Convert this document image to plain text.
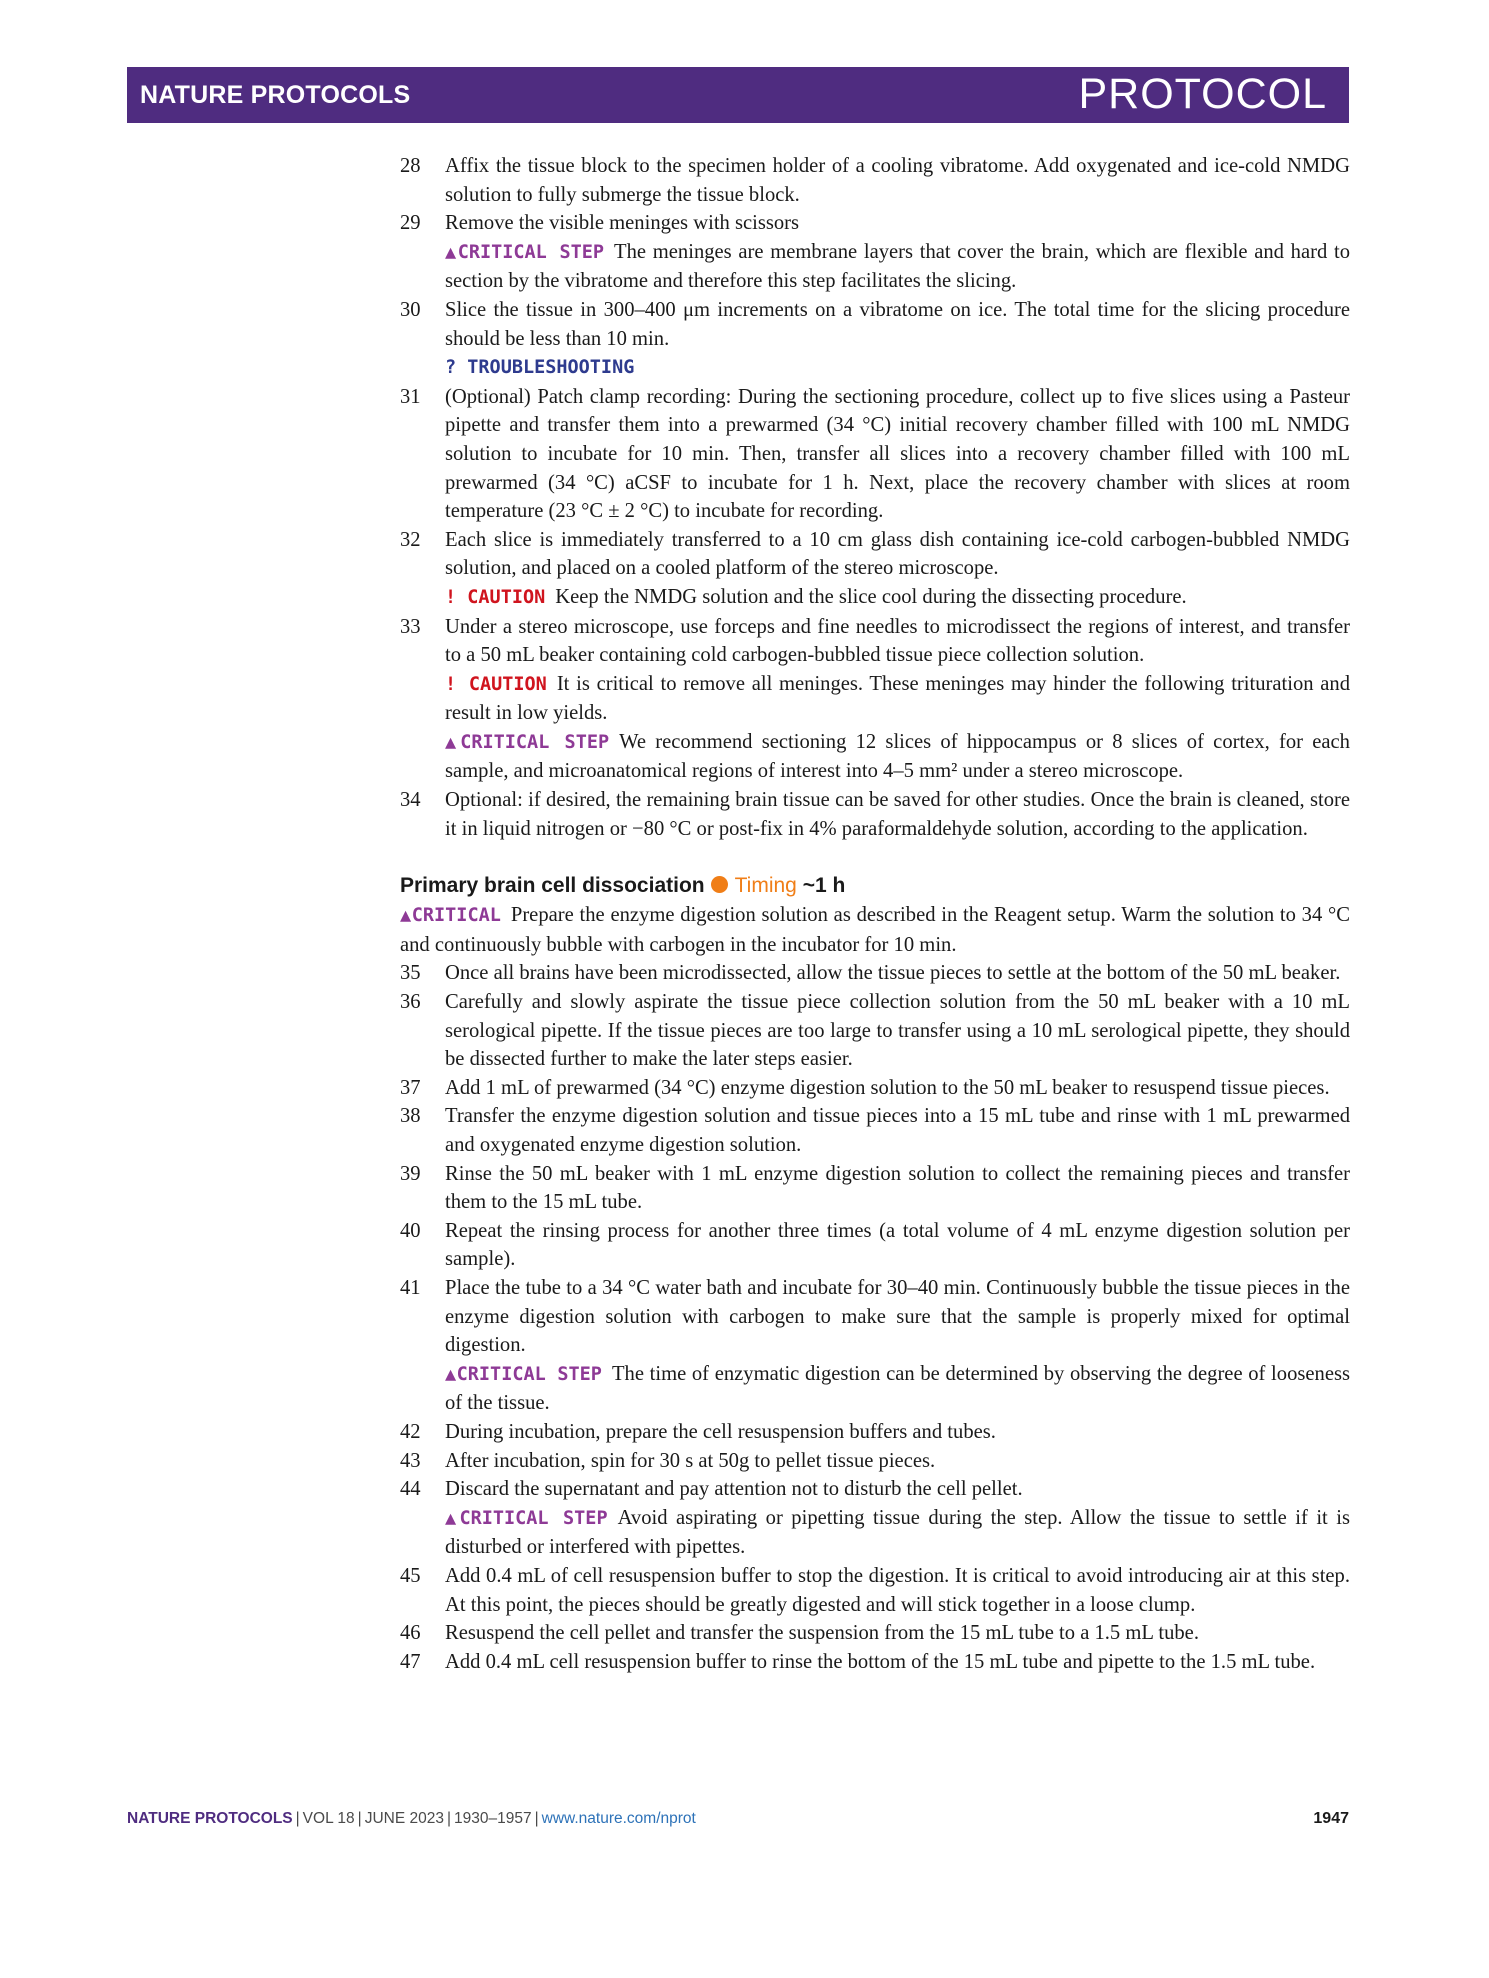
NATURE PROTOCOLS	PROTOCOL
28	Affix the tissue block to the specimen holder of a cooling vibratome. Add oxygenated and ice-cold NMDG solution to fully submerge the tissue block.
29	Remove the visible meninges with scissors
▲CRITICAL STEP The meninges are membrane layers that cover the brain, which are flexible and hard to section by the vibratome and therefore this step facilitates the slicing.
30	Slice the tissue in 300–400 μm increments on a vibratome on ice. The total time for the slicing procedure should be less than 10 min.
? TROUBLESHOOTING
31	(Optional) Patch clamp recording: During the sectioning procedure, collect up to five slices using a Pasteur pipette and transfer them into a prewarmed (34 °C) initial recovery chamber filled with 100 mL NMDG solution to incubate for 10 min. Then, transfer all slices into a recovery chamber filled with 100 mL prewarmed (34 °C) aCSF to incubate for 1 h. Next, place the recovery chamber with slices at room temperature (23 °C ± 2 °C) to incubate for recording.
32	Each slice is immediately transferred to a 10 cm glass dish containing ice-cold carbogen-bubbled NMDG solution, and placed on a cooled platform of the stereo microscope.
! CAUTION Keep the NMDG solution and the slice cool during the dissecting procedure.
33	Under a stereo microscope, use forceps and fine needles to microdissect the regions of interest, and transfer to a 50 mL beaker containing cold carbogen-bubbled tissue piece collection solution.
! CAUTION It is critical to remove all meninges. These meninges may hinder the following trituration and result in low yields.
▲CRITICAL STEP We recommend sectioning 12 slices of hippocampus or 8 slices of cortex, for each sample, and microanatomical regions of interest into 4–5 mm² under a stereo microscope.
34	Optional: if desired, the remaining brain tissue can be saved for other studies. Once the brain is cleaned, store it in liquid nitrogen or −80 °C or post-fix in 4% paraformaldehyde solution, according to the application.
Primary brain cell dissociation Timing ~1 h
▲CRITICAL Prepare the enzyme digestion solution as described in the Reagent setup. Warm the solution to 34 °C and continuously bubble with carbogen in the incubator for 10 min.
35	Once all brains have been microdissected, allow the tissue pieces to settle at the bottom of the 50 mL beaker.
36	Carefully and slowly aspirate the tissue piece collection solution from the 50 mL beaker with a 10 mL serological pipette. If the tissue pieces are too large to transfer using a 10 mL serological pipette, they should be dissected further to make the later steps easier.
37	Add 1 mL of prewarmed (34 °C) enzyme digestion solution to the 50 mL beaker to resuspend tissue pieces.
38	Transfer the enzyme digestion solution and tissue pieces into a 15 mL tube and rinse with 1 mL prewarmed and oxygenated enzyme digestion solution.
39	Rinse the 50 mL beaker with 1 mL enzyme digestion solution to collect the remaining pieces and transfer them to the 15 mL tube.
40	Repeat the rinsing process for another three times (a total volume of 4 mL enzyme digestion solution per sample).
41	Place the tube to a 34 °C water bath and incubate for 30–40 min. Continuously bubble the tissue pieces in the enzyme digestion solution with carbogen to make sure that the sample is properly mixed for optimal digestion.
▲CRITICAL STEP The time of enzymatic digestion can be determined by observing the degree of looseness of the tissue.
42	During incubation, prepare the cell resuspension buffers and tubes.
43	After incubation, spin for 30 s at 50g to pellet tissue pieces.
44	Discard the supernatant and pay attention not to disturb the cell pellet.
▲CRITICAL STEP Avoid aspirating or pipetting tissue during the step. Allow the tissue to settle if it is disturbed or interfered with pipettes.
45	Add 0.4 mL of cell resuspension buffer to stop the digestion. It is critical to avoid introducing air at this step. At this point, the pieces should be greatly digested and will stick together in a loose clump.
46	Resuspend the cell pellet and transfer the suspension from the 15 mL tube to a 1.5 mL tube.
47	Add 0.4 mL cell resuspension buffer to rinse the bottom of the 15 mL tube and pipette to the 1.5 mL tube.
NATURE PROTOCOLS | VOL 18 | JUNE 2023 | 1930–1957 | www.nature.com/nprot	1947
